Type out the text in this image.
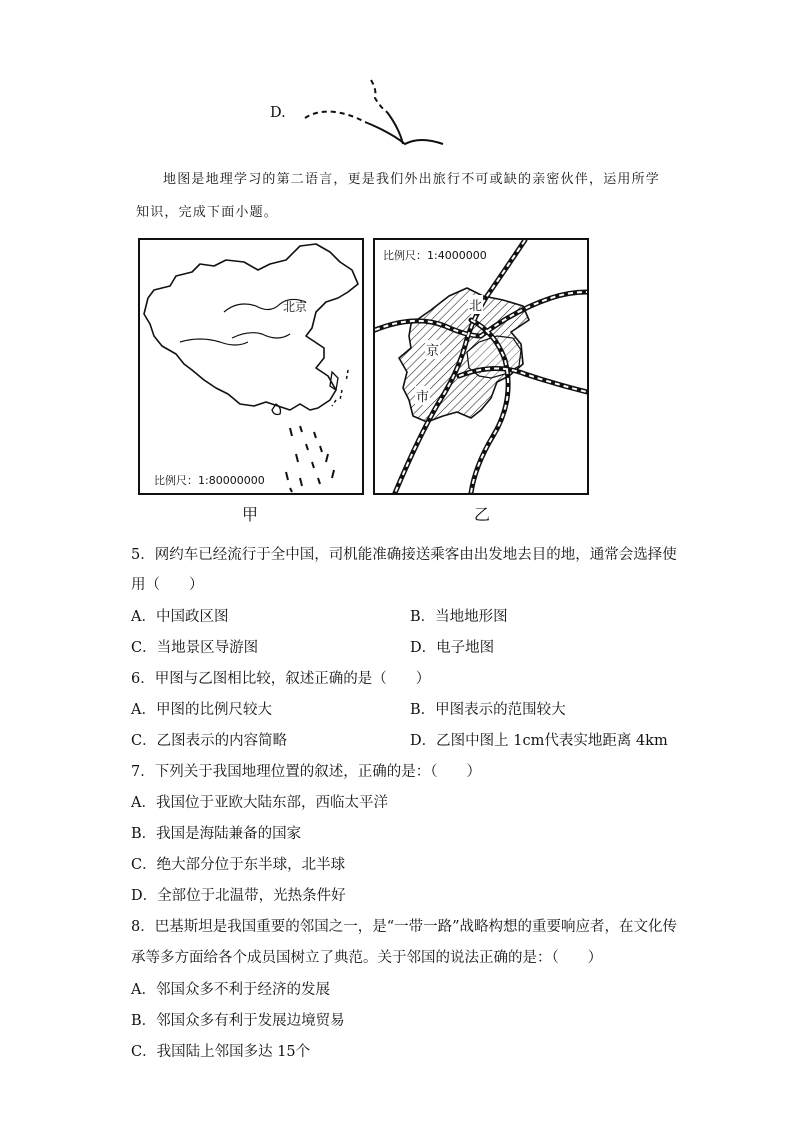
D.
地图是地理学习的第二语言，更是我们外出旅行不可或缺的亲密伙伴，运用所学
知识，完成下面小题。
北京
比例尺：1:80000000
甲
比例尺：1:4000000
北
京
市
乙
5．网约车已经流行于全中国，司机能准确接送乘客由出发地去目的地，通常会选择使
用（　　）
A．中国政区图	B．当地地形图
C．当地景区导游图	D．电子地图
6．甲图与乙图相比较，叙述正确的是（　　）
A．甲图的比例尺较大	B．甲图表示的范围较大
C．乙图表示的内容简略	D．乙图中图上 1cm代表实地距离 4km
7．下列关于我国地理位置的叙述，正确的是：（　　）
A．我国位于亚欧大陆东部，西临太平洋
B．我国是海陆兼备的国家
C．绝大部分位于东半球，北半球
D．全部位于北温带，光热条件好
8．巴基斯坦是我国重要的邻国之一，是“一带一路”战略构想的重要响应者，在文化传
承等多方面给各个成员国树立了典范。关于邻国的说法正确的是：（　　）
A．邻国众多不利于经济的发展
B．邻国众多有利于发展边境贸易
C．我国陆上邻国多达 15个
